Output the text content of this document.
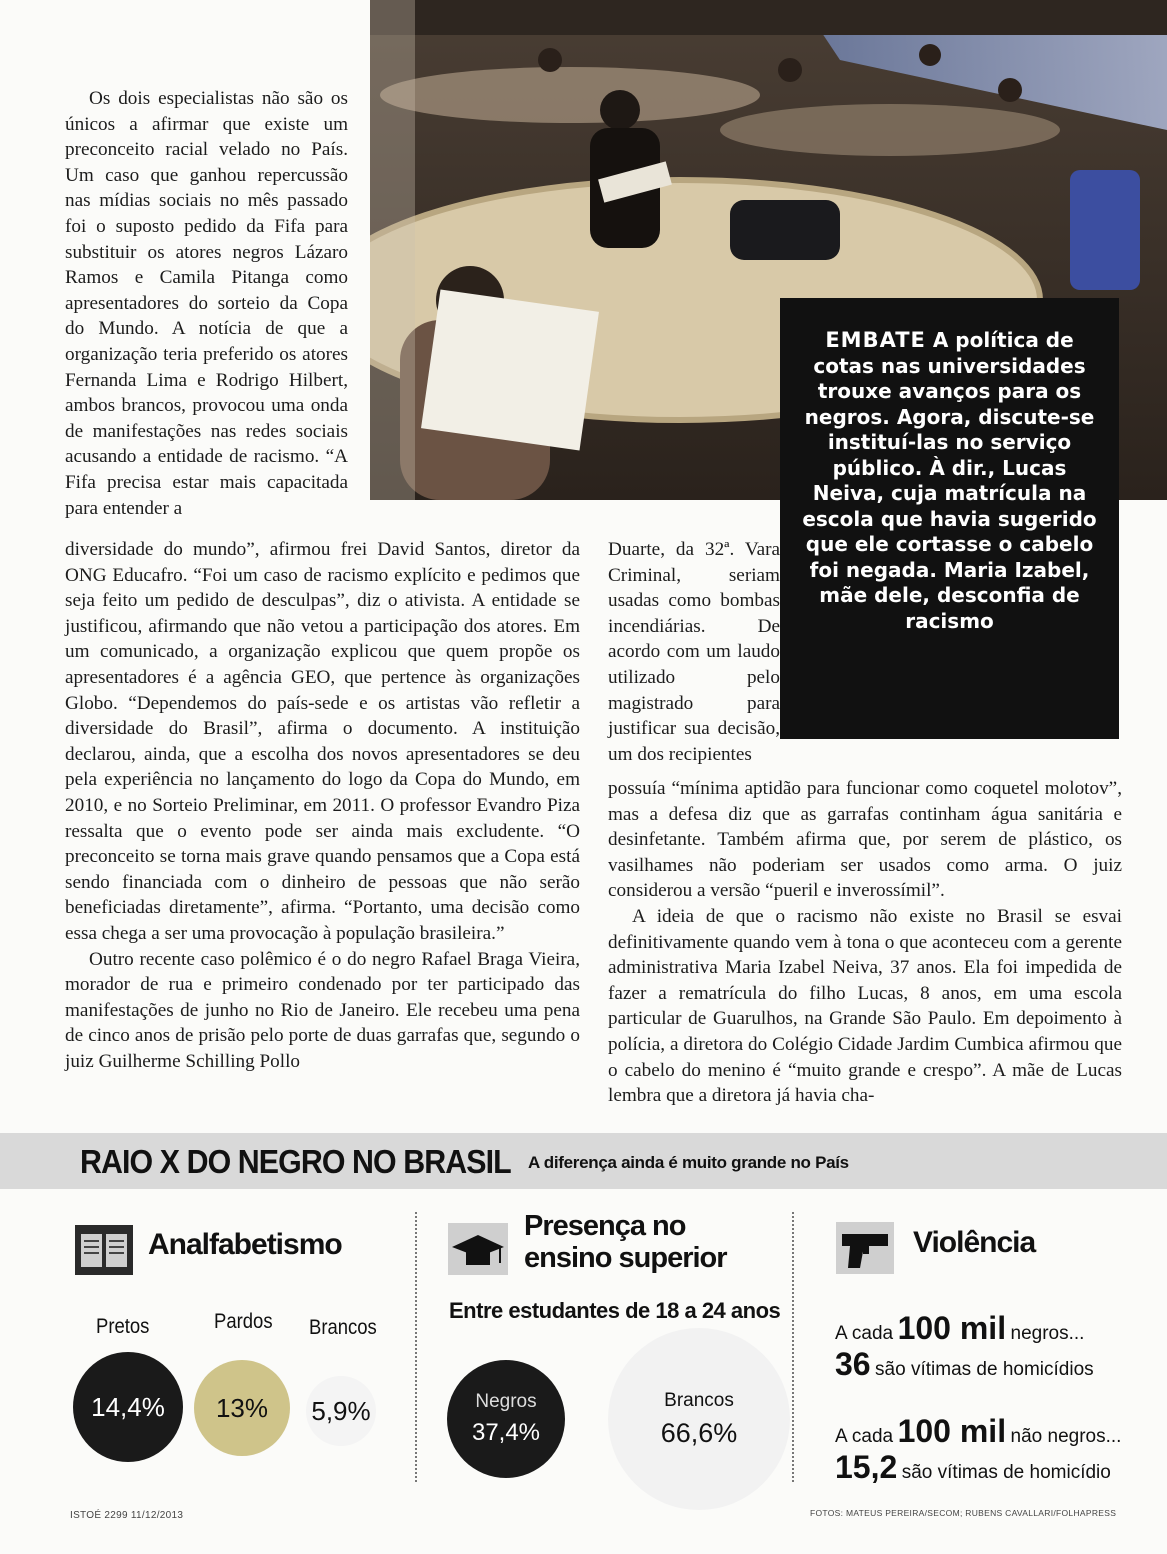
EMBATE A política de cotas nas universidades trouxe avanços para os negros. Agora, discute-se instituí-las no serviço público. À dir., Lucas Neiva, cuja matrícula na escola que havia sugerido que ele cortasse o cabelo foi negada. Maria Izabel, mãe dele, desconfia de racismo

Os dois especialistas não são os únicos a afirmar que existe um preconceito racial velado no País. Um caso que ganhou repercussão nas mídias sociais no mês passado foi o suposto pedido da Fifa para substituir os atores negros Lázaro Ramos e Camila Pitanga como apresentadores do sorteio da Copa do Mundo. A notícia de que a organização teria preferido os atores Fernanda Lima e Rodrigo Hilbert, ambos brancos, provocou uma onda de manifestações nas redes sociais acusando a entidade de racismo. “A Fifa precisa estar mais capacitada para entender a

diversidade do mundo”, afirmou frei David Santos, diretor da ONG Educafro. “Foi um caso de racismo explícito e pedimos que seja feito um pedido de desculpas”, diz o ativista. A entidade se justificou, afirmando que não vetou a participação dos atores. Em um comunicado, a organização explicou que quem propõe os apresentadores é a agência GEO, que pertence às organizações Globo. “Dependemos do país-sede e os artistas vão refletir a diversidade do Brasil”, afirma o documento. A instituição declarou, ainda, que a escolha dos novos apresentadores se deu pela experiência no lançamento do logo da Copa do Mundo, em 2010, e no Sorteio Preliminar, em 2011. O professor Evandro Piza ressalta que o evento pode ser ainda mais excludente. “O preconceito se torna mais grave quando pensamos que a Copa está sendo financiada com o dinheiro de pessoas que não serão beneficiadas diretamente”, afirma. “Portanto, uma decisão como essa chega a ser uma provocação à população brasileira.”

Outro recente caso polêmico é o do negro Rafael Braga Vieira, morador de rua e primeiro condenado por ter participado das manifestações de junho no Rio de Janeiro. Ele recebeu uma pena de cinco anos de prisão pelo porte de duas garrafas que, segundo o juiz Guilherme Schilling Pollo

Duarte, da 32ª. Vara Criminal, seriam usadas como bombas incendiárias. De acordo com um laudo utilizado pelo magistrado para justificar sua decisão, um dos recipientes

possuía “mínima aptidão para funcionar como coquetel molotov”, mas a defesa diz que as garrafas continham água sanitária e desinfetante. Também afirma que, por serem de plástico, os vasilhames não poderiam ser usados como arma. O juiz considerou a versão “pueril e inverossímil”.

A ideia de que o racismo não existe no Brasil se esvai definitivamente quando vem à tona o que aconteceu com a gerente administrativa Maria Izabel Neiva, 37 anos. Ela foi impedida de fazer a rematrícula do filho Lucas, 8 anos, em uma escola particular de Guarulhos, na Grande São Paulo. Em depoimento à polícia, a diretora do Colégio Cidade Jardim Cumbica afirmou que o cabelo do menino é “muito grande e crespo”. A mãe de Lucas lembra que a diretora já havia cha-

RAIO X DO NEGRO NO BRASIL A diferença ainda é muito grande no País
Analfabetismo
Pretos	Pardos Brancos
14,4% 13% 5,9%
Presença no
ensino superior
Entre estudantes de 18 a 24 anos
Negros
37,4%
Brancos
66,6%
Violência
A cada 100 mil negros...
36 são vítimas de homicídios
A cada 100 mil não negros...
15,2 são vítimas de homicídio
ISTOÉ 2299 11/12/2013	FOTOS: MATEUS PEREIRA/SECOM; RUBENS CAVALLARI/FOLHAPRESS
